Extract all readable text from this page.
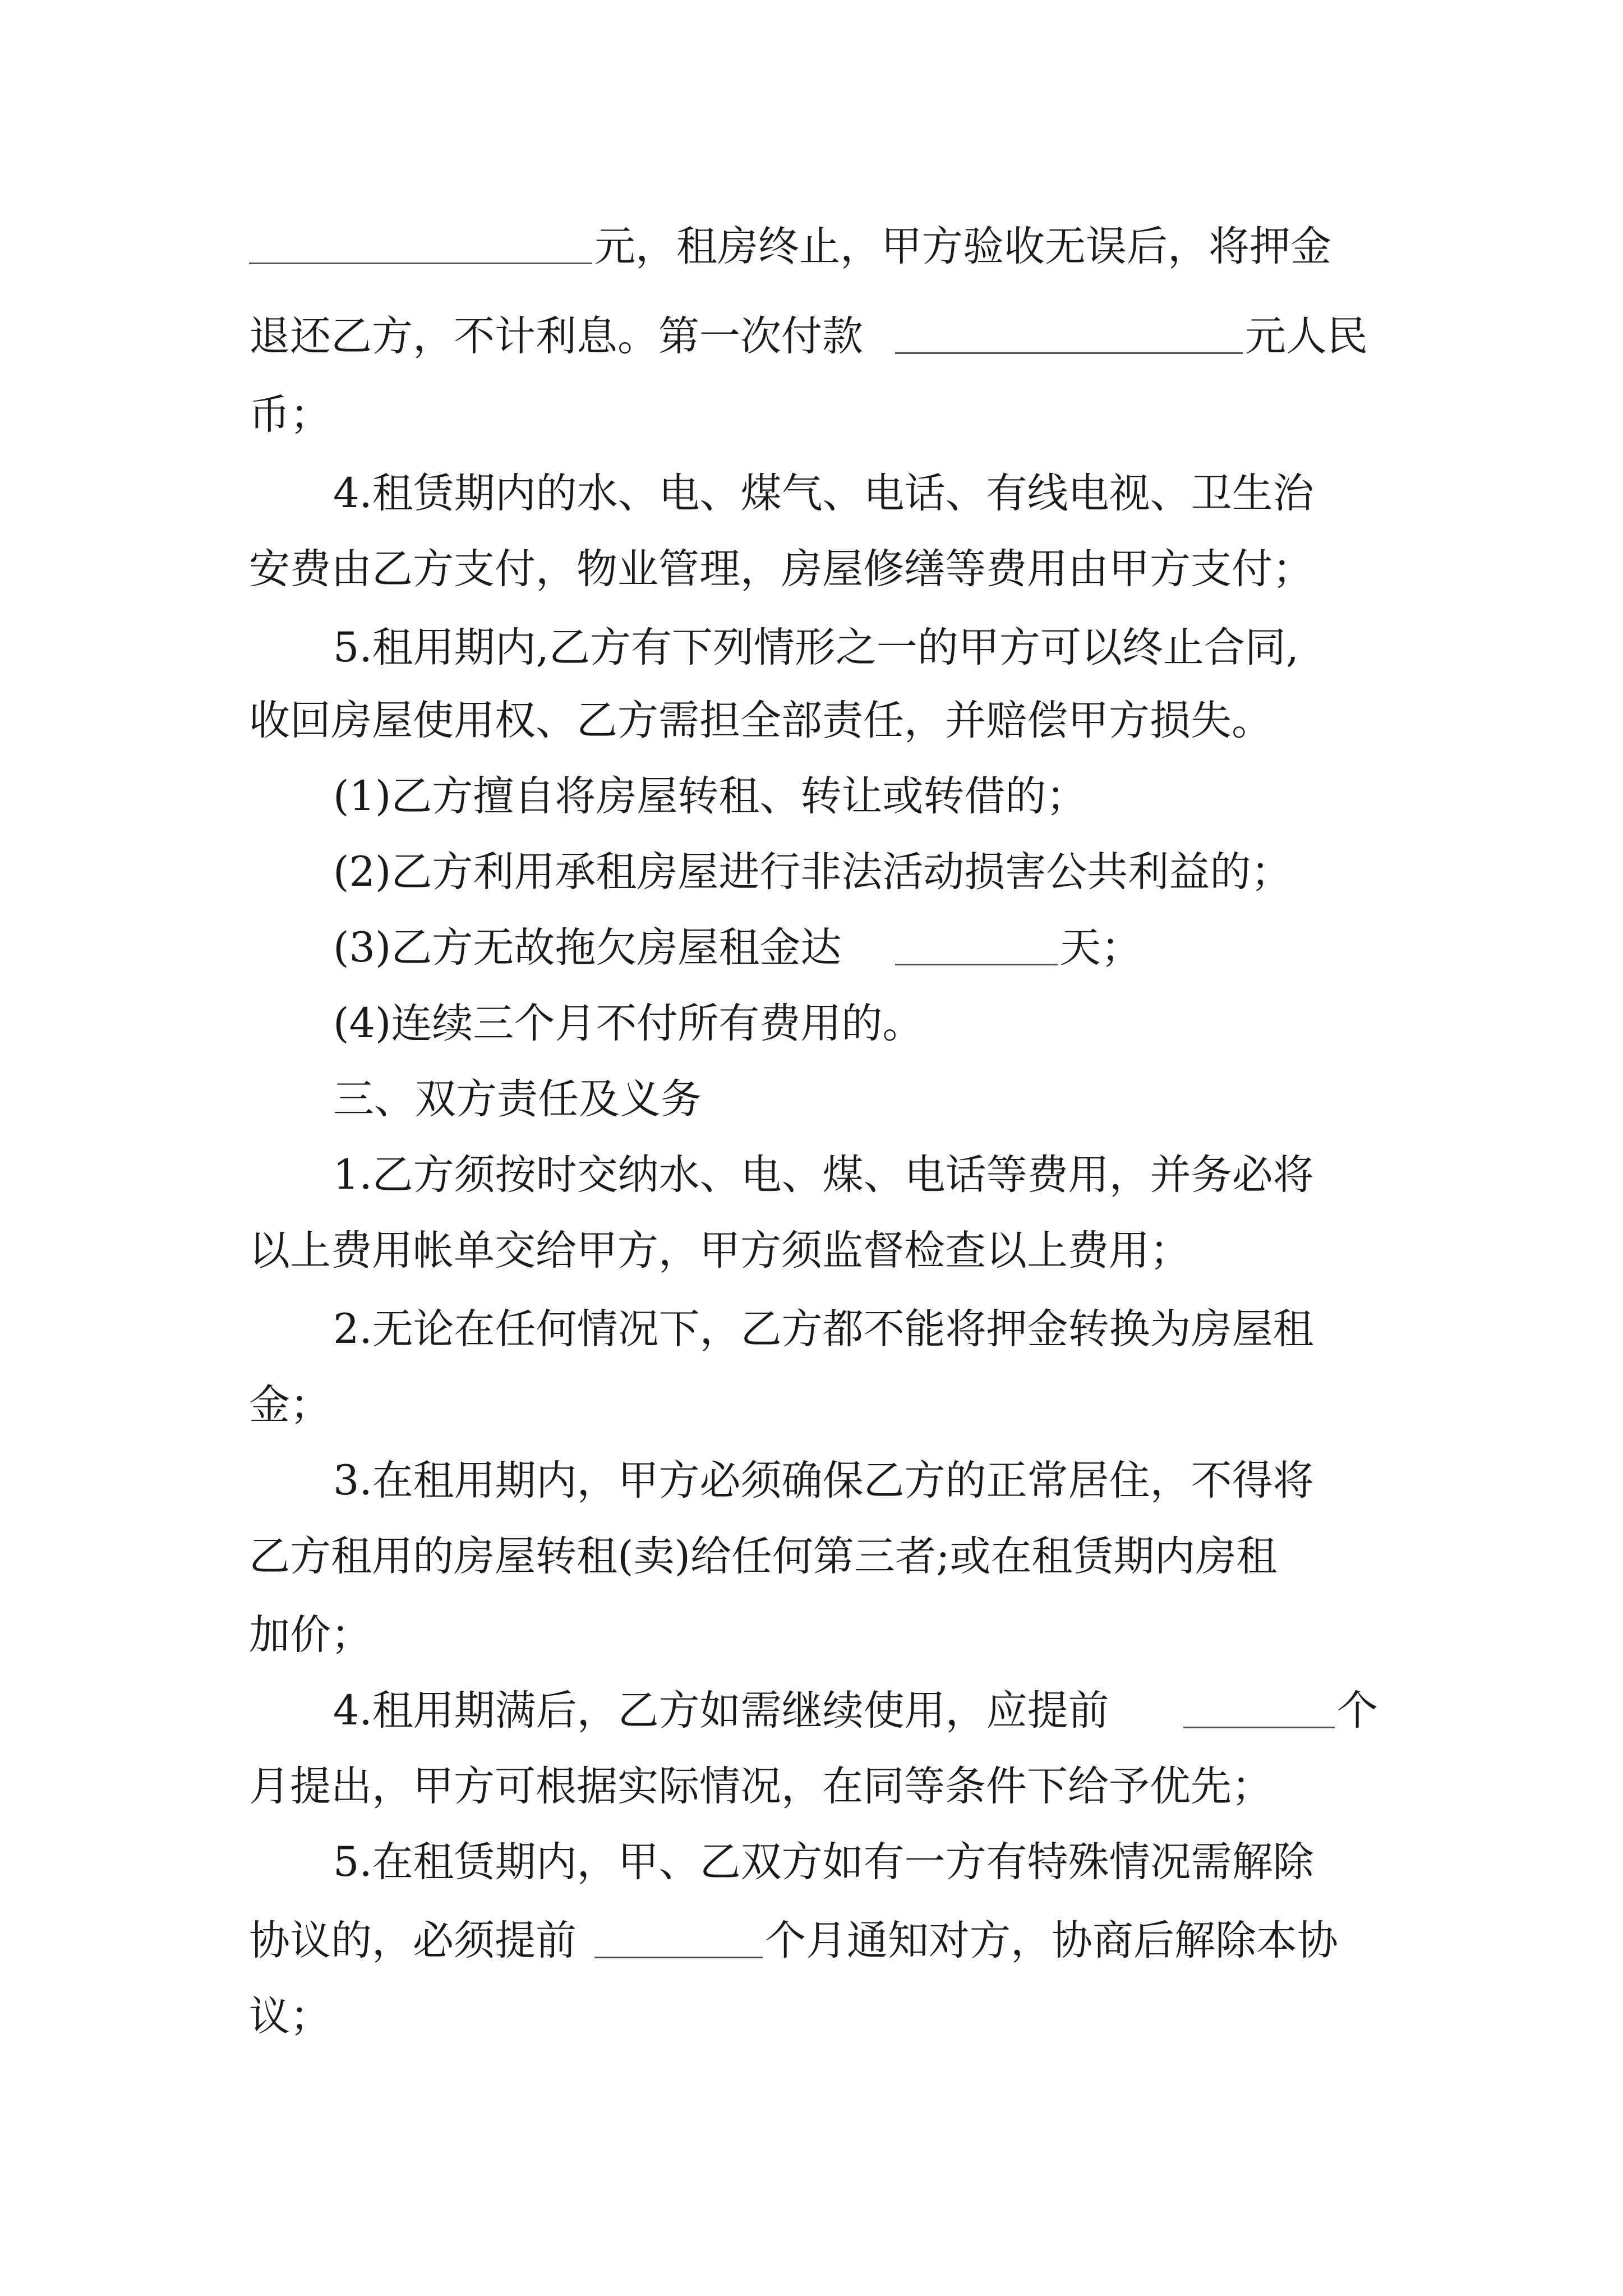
元，租房终止，甲方验收无误后，将押金
退还乙方，不计利息。第一次付款	元人民
币；
4.租赁期内的水、电、煤气、电话、有线电视、卫生治
安费由乙方支付，物业管理，房屋修缮等费用由甲方支付；
5.租用期内,乙方有下列情形之一的甲方可以终止合同,
收回房屋使用权、乙方需担全部责任，并赔偿甲方损失。
(1)乙方擅自将房屋转租、转让或转借的；
(2)乙方利用承租房屋进行非法活动损害公共利益的；
(3)乙方无故拖欠房屋租金达	天；
(4)连续三个月不付所有费用的。
三、双方责任及义务
1.乙方须按时交纳水、电、煤、电话等费用，并务必将
以上费用帐单交给甲方，甲方须监督检查以上费用；
2.无论在任何情况下，乙方都不能将押金转换为房屋租
金；
3.在租用期内，甲方必须确保乙方的正常居住，不得将
乙方租用的房屋转租(卖)给任何第三者;或在租赁期内房租
加价；
4.租用期满后，乙方如需继续使用，应提前	个
月提出，甲方可根据实际情况，在同等条件下给予优先；
5.在租赁期内，甲、乙双方如有一方有特殊情况需解除
协议的，必须提前	个月通知对方，协商后解除本协
议；
